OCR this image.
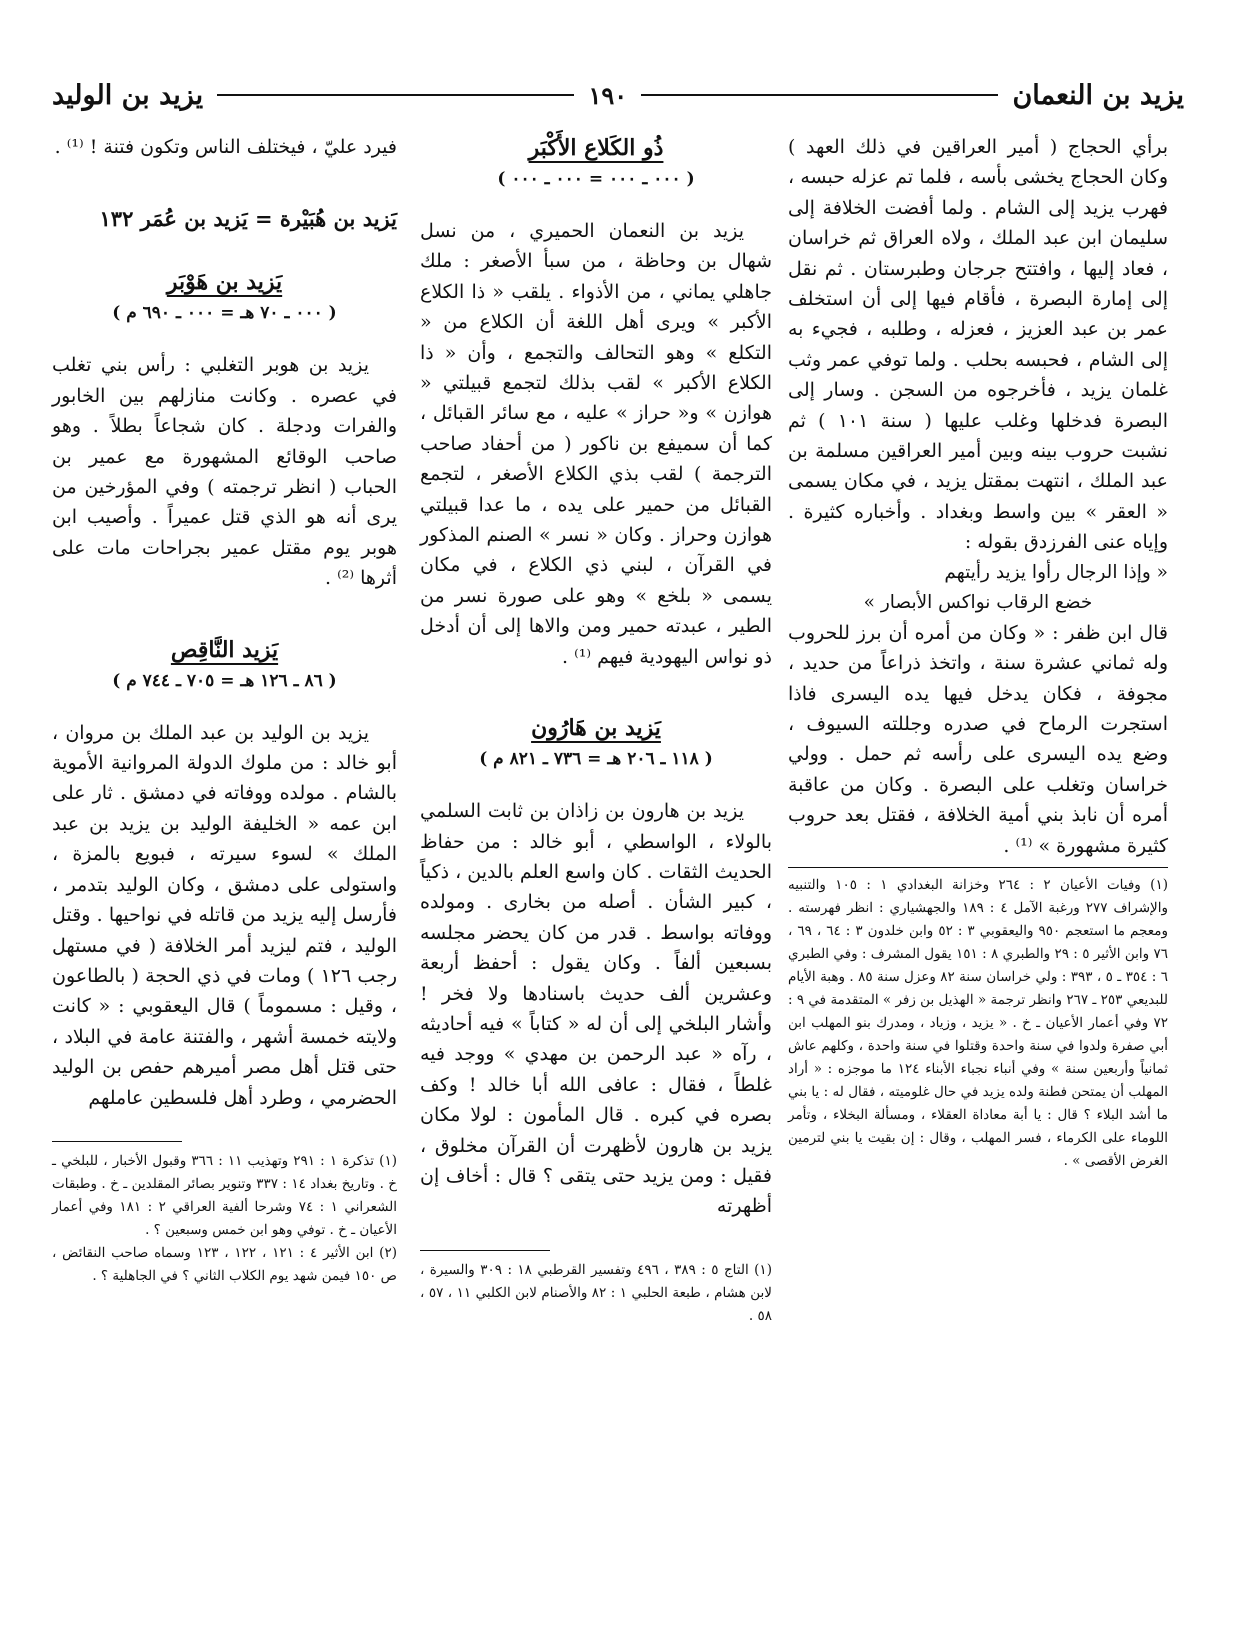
يزيد بن النعمان
١٩٠
يزيد بن الوليد

برأي الحجاج ( أمير العراقين في ذلك العهد ) وكان الحجاج يخشى بأسه ، فلما تم عزله حبسه ، فهرب يزيد إلى الشام . ولما أفضت الخلافة إلى سليمان ابن عبد الملك ، ولاه العراق ثم خراسان ، فعاد إليها ، وافتتح جرجان وطبرستان . ثم نقل إلى إمارة البصرة ، فأقام فيها إلى أن استخلف عمر بن عبد العزيز ، فعزله ، وطلبه ، فجيء به إلى الشام ، فحبسه بحلب . ولما توفي عمر وثب غلمان يزيد ، فأخرجوه من السجن . وسار إلى البصرة فدخلها وغلب عليها ( سنة ١٠١ ) ثم نشبت حروب بينه وبين أمير العراقين مسلمة بن عبد الملك ، انتهت بمقتل يزيد ، في مكان يسمى « العقر » بين واسط وبغداد . وأخباره كثيرة . وإياه عنى الفرزدق بقوله :

« وإذا الرجال رأوا يزيد رأيتهم

خضع الرقاب نواكس الأبصار »

قال ابن ظفر : « وكان من أمره أن برز للحروب وله ثماني عشرة سنة ، واتخذ ذراعاً من حديد ، مجوفة ، فكان يدخل فيها يده اليسرى فاذا استجرت الرماح في صدره وجللته السيوف ، وضع يده اليسرى على رأسه ثم حمل . وولي خراسان وتغلب على البصرة . وكان من عاقبة أمره أن نابذ بني أمية الخلافة ، فقتل بعد حروب كثيرة مشهورة » ⁽¹⁾ .

(١) وفيات الأعيان ٢ : ٢٦٤ وخزانة البغدادي ١ : ١٠٥ والتنبيه والإشراف ٢٧٧ ورغبة الآمل ٤ : ١٨٩ والجهشياري : انظر فهرسته . ومعجم ما استعجم ٩٥٠ واليعقوبي ٣ : ٥٢ وابن خلدون ٣ : ٦٤ ، ٦٩ ، ٧٦ وابن الأثير ٥ : ٢٩ والطبري ٨ : ١٥١ يقول المشرف : وفي الطبري ٦ : ٣٥٤ ـ ٥ ، ٣٩٣ : ولي خراسان سنة ٨٢ وعزل سنة ٨٥ . وهبة الأيام للبديعي ٢٥٣ ـ ٢٦٧ وانظر ترجمة « الهذيل بن زفر » المتقدمة في ٩ : ٧٢ وفي أعمار الأعيان ـ خ . « يزيد ، وزياد ، ومدرك بنو المهلب ابن أبي صفرة ولدوا في سنة واحدة وقتلوا في سنة واحدة ، وكلهم عاش ثمانياً وأربعين سنة » وفي أنباء نجباء الأبناء ١٢٤ ما موجزه : « أراد المهلب أن يمتحن فطنة ولده يزيد في حال غلوميته ، فقال له : يا بني ما أشد البلاء ؟ قال : يا أبة معاداة العقلاء ، ومسألة البخلاء ، وتأمر اللوماء على الكرماء ، فسر المهلب ، وقال : إن بقيت يا بني لترمين الغرض الأقصى » .

ذُو الكَلاع الأَكْبَر
( ٠٠٠ ـ ٠٠٠ = ٠٠٠ ـ ٠٠٠ )

يزيد بن النعمان الحميري ، من نسل شهال بن وحاظة ، من سبأ الأصغر : ملك جاهلي يماني ، من الأذواء . يلقب « ذا الكلاع الأكبر » ويرى أهل اللغة أن الكلاع من « التكلع » وهو التحالف والتجمع ، وأن « ذا الكلاع الأكبر » لقب بذلك لتجمع قبيلتي « هوازن » و« حراز » عليه ، مع سائر القبائل ، كما أن سميفع بن ناكور ( من أحفاد صاحب الترجمة ) لقب بذي الكلاع الأصغر ، لتجمع القبائل من حمير على يده ، ما عدا قبيلتي هوازن وحراز . وكان « نسر » الصنم المذكور في القرآن ، لبني ذي الكلاع ، في مكان يسمى « بلخع » وهو على صورة نسر من الطير ، عبدته حمير ومن والاها إلى أن أدخل ذو نواس اليهودية فيهم ⁽¹⁾ .

يَزيد بن هَارُون
( ١١٨ ـ ٢٠٦ هـ = ٧٣٦ ـ ٨٢١ م )

يزيد بن هارون بن زاذان بن ثابت السلمي بالولاء ، الواسطي ، أبو خالد : من حفاظ الحديث الثقات . كان واسع العلم بالدين ، ذكياً ، كبير الشأن . أصله من بخارى . ومولده ووفاته بواسط . قدر من كان يحضر مجلسه بسبعين ألفاً . وكان يقول : أحفظ أربعة وعشرين ألف حديث باسنادها ولا فخر ! وأشار البلخي إلى أن له « كتاباً » فيه أحاديثه ، رآه « عبد الرحمن بن مهدي » ووجد فيه غلطاً ، فقال : عافى الله أبا خالد ! وكف بصره في كبره . قال المأمون : لولا مكان يزيد بن هارون لأظهرت أن القرآن مخلوق ، فقيل : ومن يزيد حتى يتقى ؟ قال : أخاف إن أظهرته

(١) التاج ٥ : ٣٨٩ ، ٤٩٦ وتفسير القرطبي ١٨ : ٣٠٩ والسيرة ، لابن هشام ، طبعة الحلبي ١ : ٨٢ والأصنام لابن الكلبي ١١ ، ٥٧ ، ٥٨ .

فيرد عليّ ، فيختلف الناس وتكون فتنة ! ⁽¹⁾ .

يَزيد بن هُبَيْرة = يَزيد بن عُمَر ١٣٢

يَزيد بن هَوْبَر
( ٠٠٠ ـ ٧٠ هـ = ٠٠٠ ـ ٦٩٠ م )

يزيد بن هوبر التغلبي : رأس بني تغلب في عصره . وكانت منازلهم بين الخابور والفرات ودجلة . كان شجاعاً بطلاً . وهو صاحب الوقائع المشهورة مع عمير بن الحباب ( انظر ترجمته ) وفي المؤرخين من يرى أنه هو الذي قتل عميراً . وأصيب ابن هوبر يوم مقتل عمير بجراحات مات على أثرها ⁽²⁾ .

يَزيد النَّاقِص
( ٨٦ ـ ١٢٦ هـ = ٧٠٥ ـ ٧٤٤ م )

يزيد بن الوليد بن عبد الملك بن مروان ، أبو خالد : من ملوك الدولة المروانية الأموية بالشام . مولده ووفاته في دمشق . ثار على ابن عمه « الخليفة الوليد بن يزيد بن عبد الملك » لسوء سيرته ، فبويع بالمزة ، واستولى على دمشق ، وكان الوليد بتدمر ، فأرسل إليه يزيد من قاتله في نواحيها . وقتل الوليد ، فتم ليزيد أمر الخلافة ( في مستهل رجب ١٢٦ ) ومات في ذي الحجة ( بالطاعون ، وقيل : مسموماً ) قال اليعقوبي : « كانت ولايته خمسة أشهر ، والفتنة عامة في البلاد ، حتى قتل أهل مصر أميرهم حفص بن الوليد الحضرمي ، وطرد أهل فلسطين عاملهم

(١) تذكرة ١ : ٢٩١ وتهذيب ١١ : ٣٦٦ وقبول الأخبار ، للبلخي ـ خ . وتاريخ بغداد ١٤ : ٣٣٧ وتنوير بصائر المقلدين ـ خ . وطبقات الشعراني ١ : ٧٤ وشرحا ألفية العراقي ٢ : ١٨١ وفي أعمار الأعيان ـ خ . توفي وهو ابن خمس وسبعين ؟ .

(٢) ابن الأثير ٤ : ١٢١ ، ١٢٢ ، ١٢٣ وسماه صاحب النقائض ، ص ١٥٠ فيمن شهد يوم الكلاب الثاني ؟ في الجاهلية ؟ .
